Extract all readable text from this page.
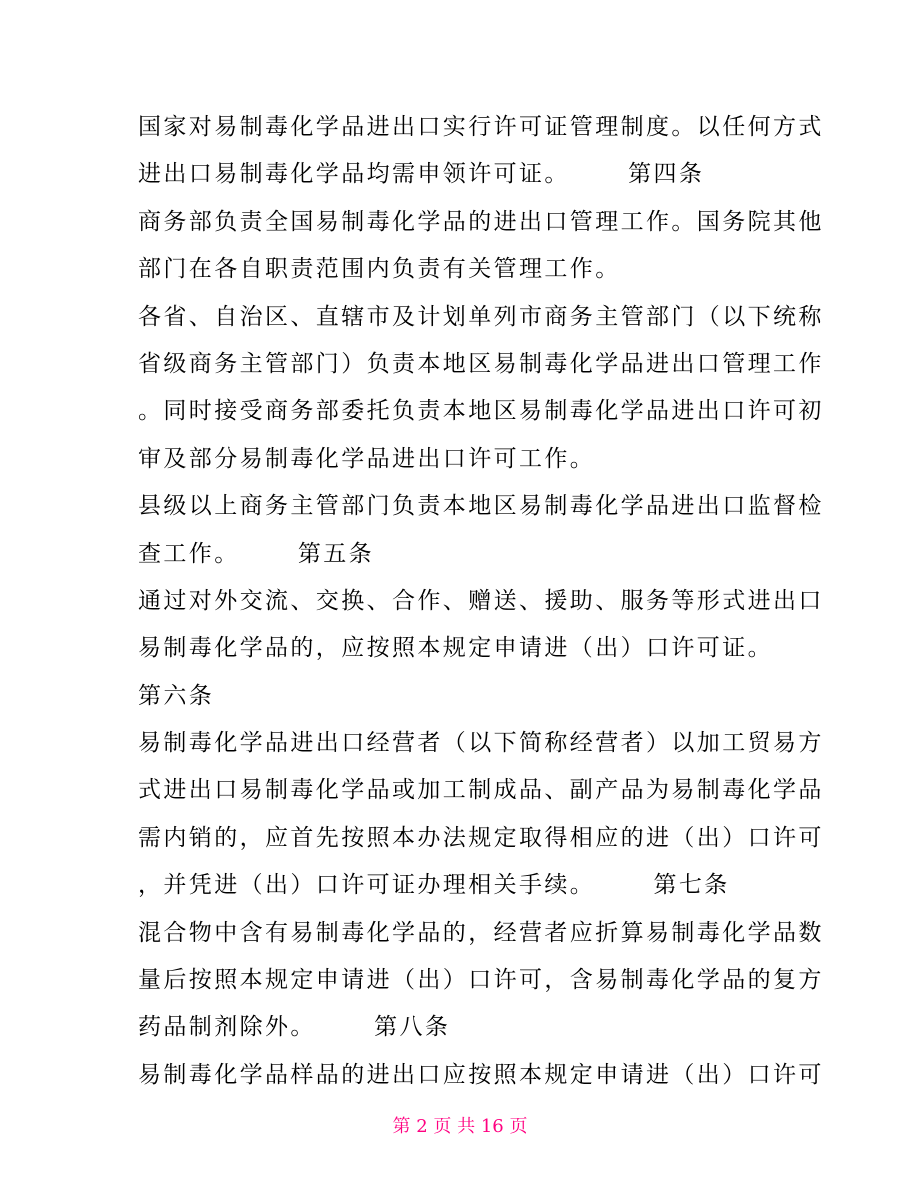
国家对易制毒化学品进出口实行许可证管理制度。以任何方式
进出口易制毒化学品均需申领许可证。      第四条
商务部负责全国易制毒化学品的进出口管理工作。国务院其他
部门在各自职责范围内负责有关管理工作。
各省、自治区、直辖市及计划单列市商务主管部门（以下统称
省级商务主管部门）负责本地区易制毒化学品进出口管理工作
。同时接受商务部委托负责本地区易制毒化学品进出口许可初
审及部分易制毒化学品进出口许可工作。
县级以上商务主管部门负责本地区易制毒化学品进出口监督检
查工作。      第五条
通过对外交流、交换、合作、赠送、援助、服务等形式进出口
易制毒化学品的，应按照本规定申请进（出）口许可证。
第六条
易制毒化学品进出口经营者（以下简称经营者）以加工贸易方
式进出口易制毒化学品或加工制成品、副产品为易制毒化学品
需内销的，应首先按照本办法规定取得相应的进（出）口许可
，并凭进（出）口许可证办理相关手续。      第七条
混合物中含有易制毒化学品的，经营者应折算易制毒化学品数
量后按照本规定申请进（出）口许可，含易制毒化学品的复方
药品制剂除外。      第八条
易制毒化学品样品的进出口应按照本规定申请进（出）口许可
第 2 页 共 16 页
